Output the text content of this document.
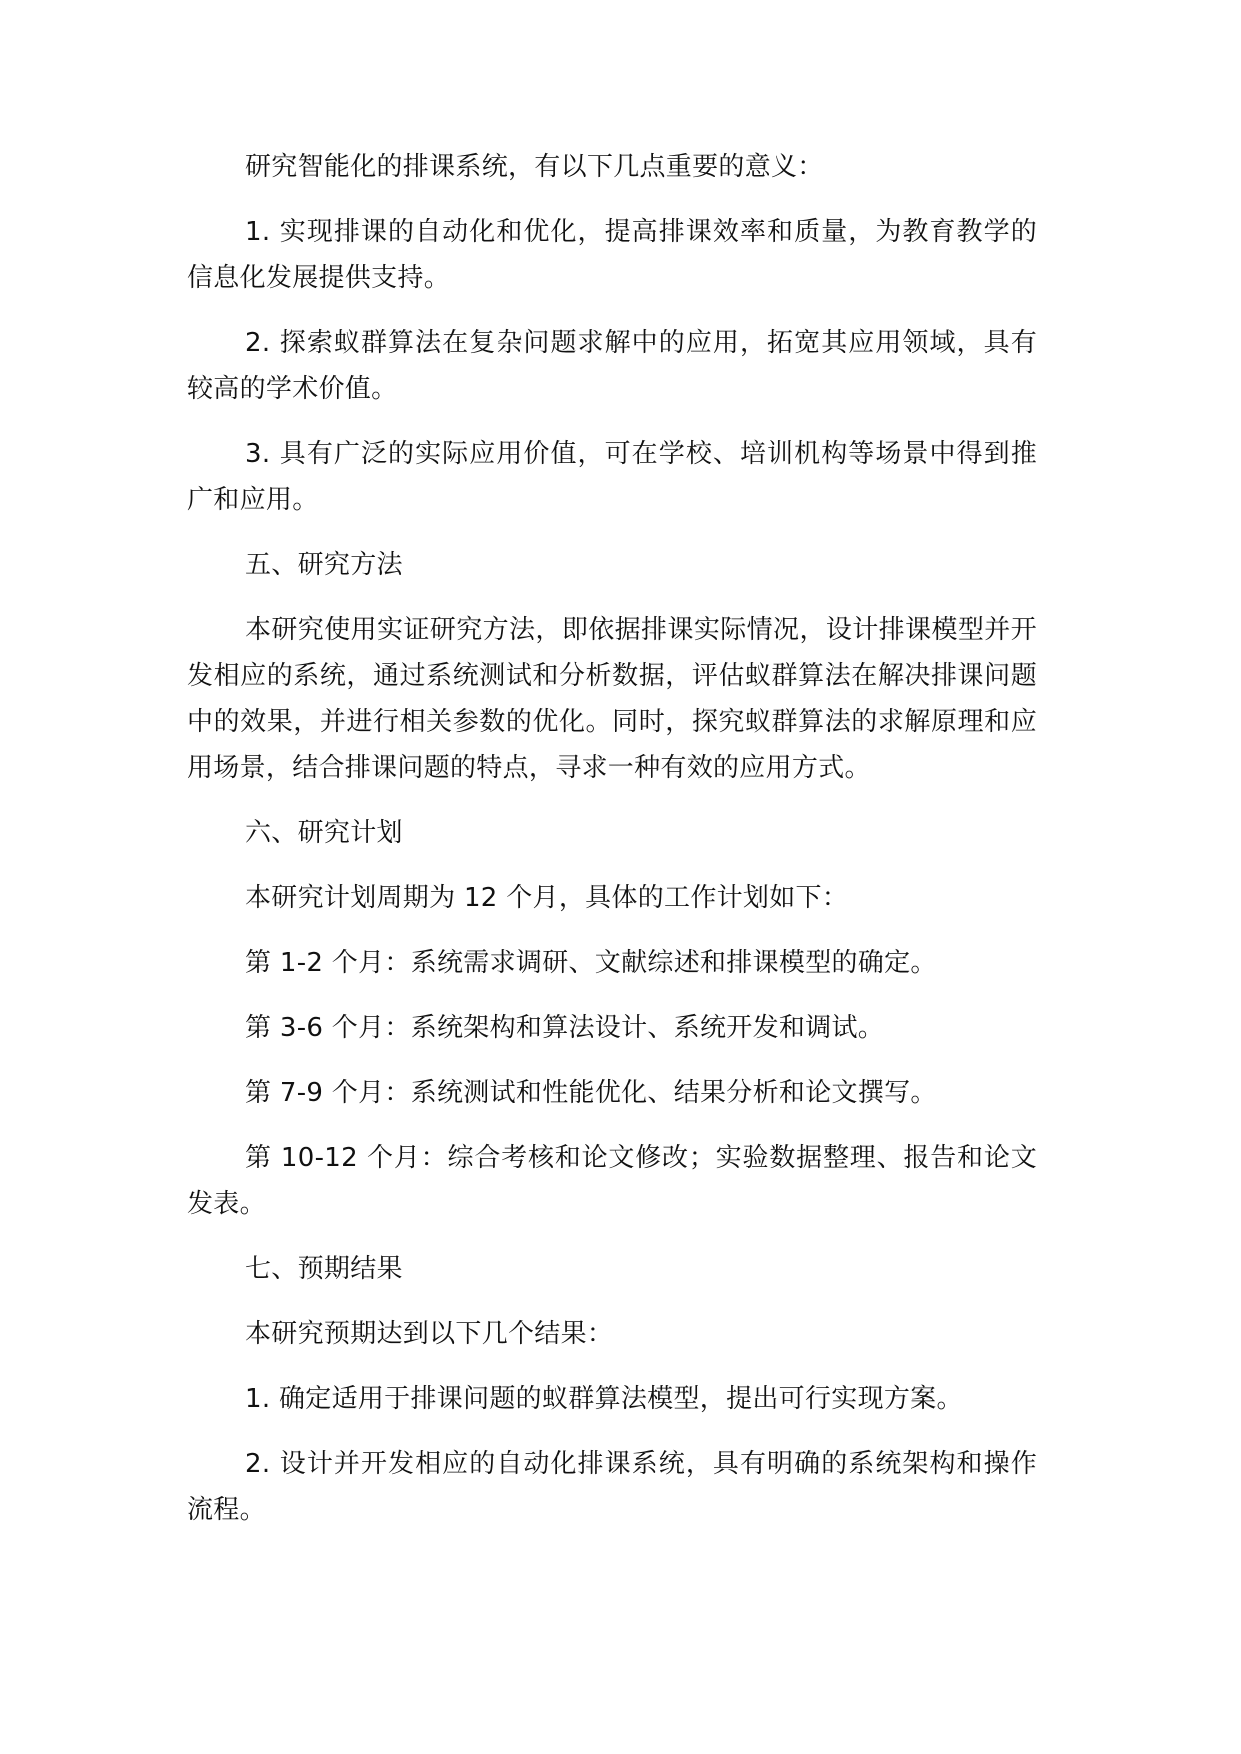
研究智能化的排课系统，有以下几点重要的意义：

1. 实现排课的自动化和优化，提高排课效率和质量，为教育教学的信息化发展提供支持。

2. 探索蚁群算法在复杂问题求解中的应用，拓宽其应用领域，具有较高的学术价值。

3. 具有广泛的实际应用价值，可在学校、培训机构等场景中得到推广和应用。

五、研究方法

本研究使用实证研究方法，即依据排课实际情况，设计排课模型并开发相应的系统，通过系统测试和分析数据，评估蚁群算法在解决排课问题中的效果，并进行相关参数的优化。同时，探究蚁群算法的求解原理和应用场景，结合排课问题的特点，寻求一种有效的应用方式。

六、研究计划

本研究计划周期为 12 个月，具体的工作计划如下：

第 1-2 个月：系统需求调研、文献综述和排课模型的确定。

第 3-6 个月：系统架构和算法设计、系统开发和调试。

第 7-9 个月：系统测试和性能优化、结果分析和论文撰写。

第 10-12 个月：综合考核和论文修改；实验数据整理、报告和论文发表。

七、预期结果

本研究预期达到以下几个结果：

1. 确定适用于排课问题的蚁群算法模型，提出可行实现方案。

2. 设计并开发相应的自动化排课系统，具有明确的系统架构和操作流程。
